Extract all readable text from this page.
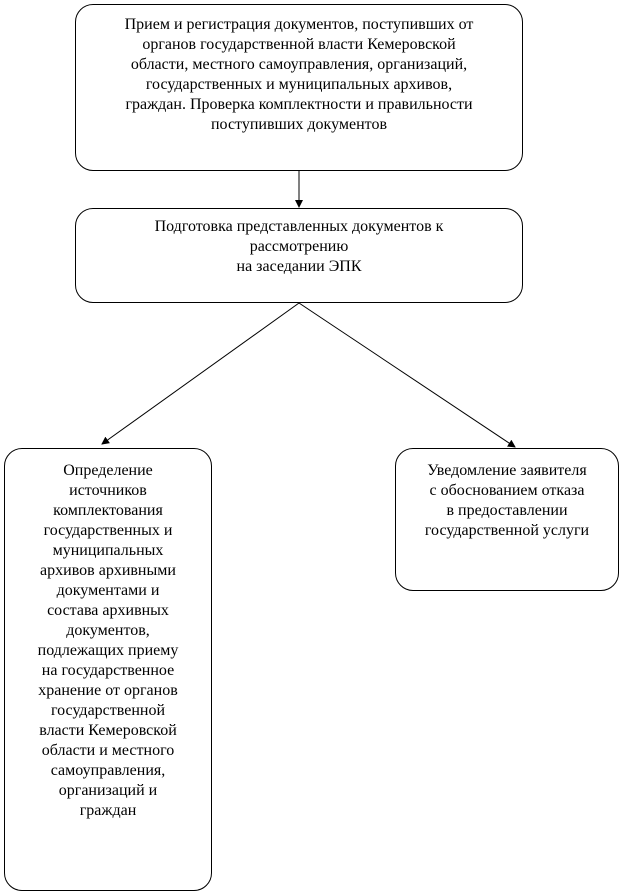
Прием и регистрация документов, поступивших от
органов государственной власти Кемеровской
области, местного самоуправления, организаций,
государственных и муниципальных архивов,
граждан. Проверка комплектности и правильности
поступивших документов
Подготовка представленных документов к
рассмотрению
на заседании ЭПК
Определение
источников
комплектования
государственных и
муниципальных
архивов архивными
документами и
состава архивных
документов,
подлежащих приему
на государственное
хранение от органов
государственной
власти Кемеровской
области и местного
самоуправления,
организаций и
граждан
Уведомление заявителя
с обоснованием отказа
в предоставлении
государственной услуги
